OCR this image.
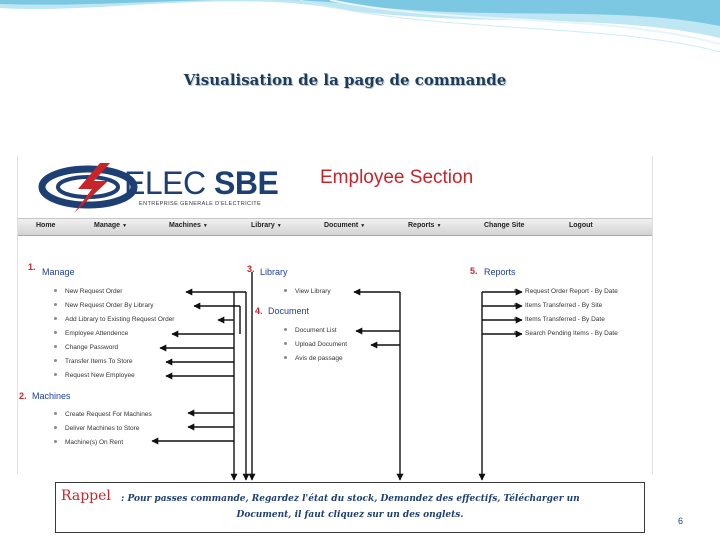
Visualisation de la page de commande
ELEC SBE
ENTREPRISE GENERALE D'ELECTRICITE
Employee Section
Home	Manage ▼	Machines ▼	Library ▼	Document ▼	Reports ▼	Change Site	Logout
Manage
1.
New Request Order
New Request Order By Library
Add Library to Existing Request Order
Employee Attendence
Change Password
Transfer Items To Store
Request New Employee
2. Machines
Create Request For Machines
Deliver Machines to Store
Machine(s) On Rent
3. Library
View Library
4. Document
Document List
Upload Document
Avis de passage
5. Reports
Request Order Report - By Date
Items Transferred - By Site
Items Transferred - By Date
Search Pending Items - By Date
Rappel : Pour passes commande, Regardez l'état du stock, Demandez des effectifs, Télécharger un
Document, il faut cliquez sur un des onglets.
6
